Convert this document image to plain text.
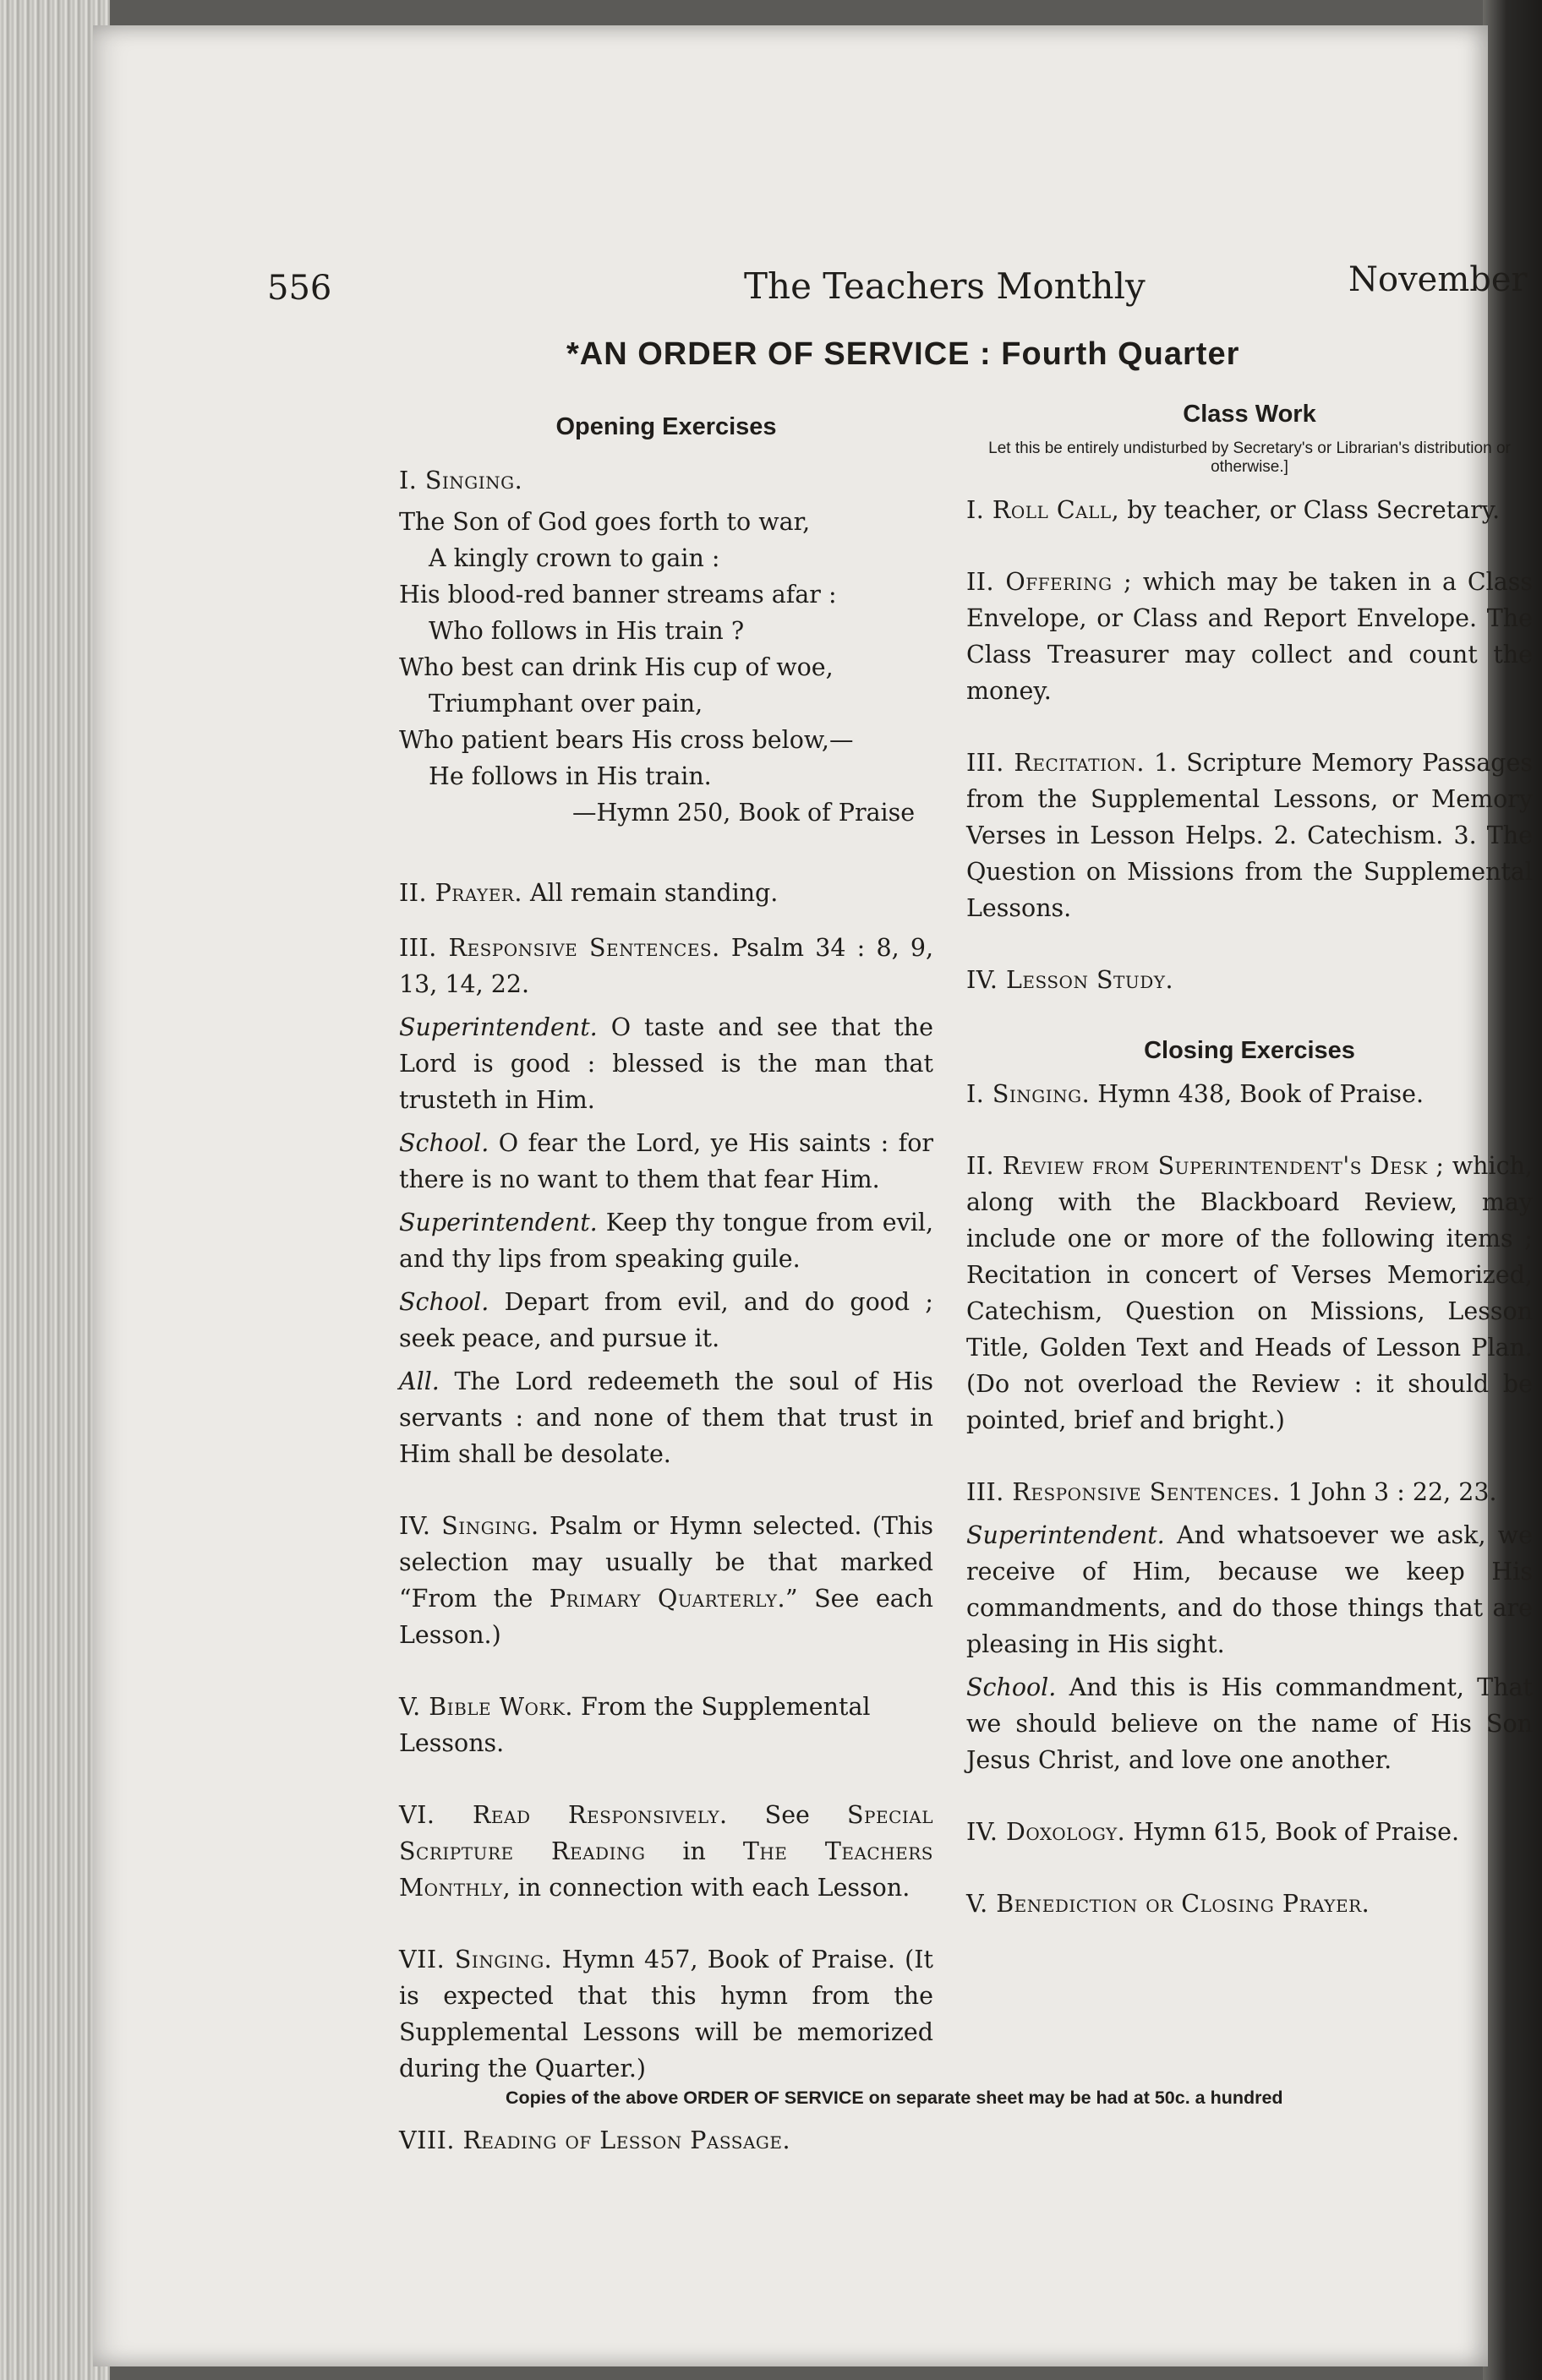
556	The Teachers Monthly	November
*AN ORDER OF SERVICE : Fourth Quarter
Opening Exercises

I. Singing.

The Son of God goes forth to war,
A kingly crown to gain :
His blood-red banner streams afar :
Who follows in His train ?
Who best can drink His cup of woe,
Triumphant over pain,
Who patient bears His cross below,—
He follows in His train.
—Hymn 250, Book of Praise

II. Prayer. All remain standing.

III. Responsive Sentences. Psalm 34 : 8, 9, 13, 14, 22.

Superintendent. O taste and see that the Lord is good : blessed is the man that trusteth in Him.

School. O fear the Lord, ye His saints : for there is no want to them that fear Him.

Superintendent. Keep thy tongue from evil, and thy lips from speaking guile.

School. Depart from evil, and do good ; seek peace, and pursue it.

All. The Lord redeemeth the soul of His servants : and none of them that trust in Him shall be desolate.

IV. Singing. Psalm or Hymn selected. (This selection may usually be that marked “From the Primary Quarterly.” See each Lesson.)

V. Bible Work. From the Supplemental Lessons.

VI. Read Responsively. See Special Scripture Reading in The Teachers Monthly, in connection with each Lesson.

VII. Singing. Hymn 457, Book of Praise. (It is expected that this hymn from the Supplemental Lessons will be memorized during the Quarter.)

VIII. Reading of Lesson Passage.

Class Work
Let this be entirely undisturbed by Secretary's or Librarian's distribution or otherwise.]

I. Roll Call, by teacher, or Class Secretary.

II. Offering ; which may be taken in a Class Envelope, or Class and Report Envelope. The Class Treasurer may collect and count the money.

III. Recitation. 1. Scripture Memory Passages from the Supplemental Lessons, or Memory Verses in Lesson Helps. 2. Catechism. 3. The Question on Missions from the Supplemental Lessons.

IV. Lesson Study.

Closing Exercises

I. Singing. Hymn 438, Book of Praise.

II. Review from Superintendent's Desk ; which, along with the Blackboard Review, may include one or more of the following items ; Recitation in concert of Verses Memorized, Catechism, Question on Missions, Lesson Title, Golden Text and Heads of Lesson Plan. (Do not overload the Review : it should be pointed, brief and bright.)

III. Responsive Sentences. 1 John 3 : 22, 23.

Superintendent. And whatsoever we ask, we receive of Him, because we keep His commandments, and do those things that are pleasing in His sight.

School. And this is His commandment, That we should believe on the name of His Son Jesus Christ, and love one another.

IV. Doxology. Hymn 615, Book of Praise.

V. Benediction or Closing Prayer.

Copies of the above ORDER OF SERVICE on separate sheet may be had at 50c. a hundred
